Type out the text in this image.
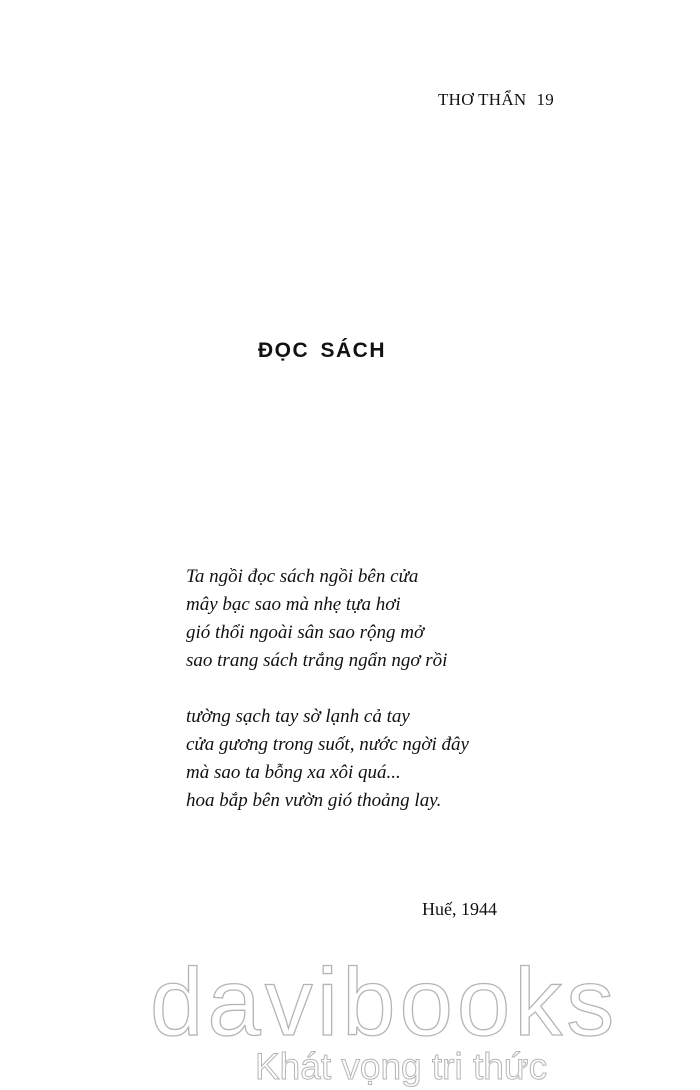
THƠ THẨN 19
ĐỌC SÁCH
Ta ngồi đọc sách ngồi bên cửa
mây bạc sao mà nhẹ tựa hơi
gió thổi ngoài sân sao rộng mở
sao trang sách trắng ngẩn ngơ rồi
tường sạch tay sờ lạnh cả tay
cửa gương trong suốt, nước ngời đây
mà sao ta bỗng xa xôi quá...
hoa bắp bên vườn gió thoảng lay.
Huế, 1944
davibooks
Khát vọng tri thức
